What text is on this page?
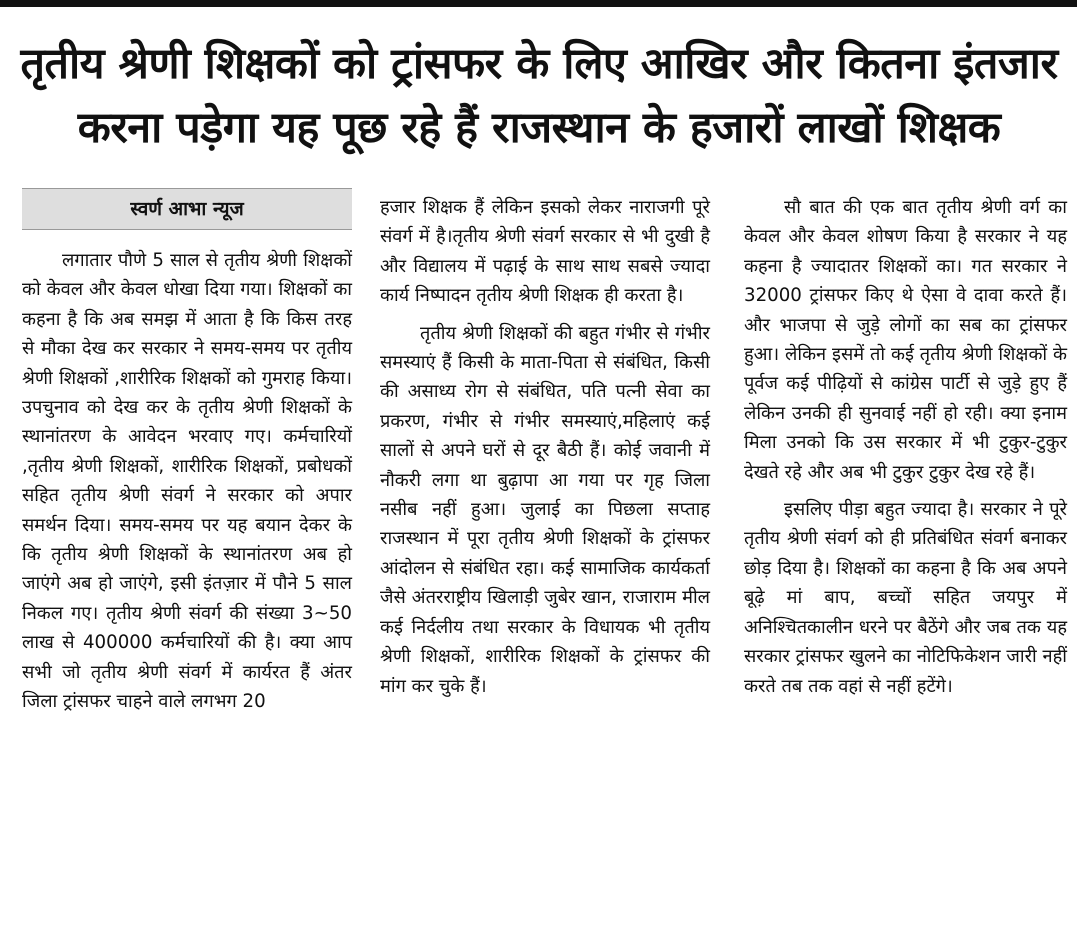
तृतीय श्रेणी शिक्षकों को ट्रांसफर के लिए आखिर और कितना इंतजार
करना पड़ेगा यह पूछ रहे हैं राजस्थान के हजारों लाखों शिक्षक
स्वर्ण आभा न्यूज

लगातार पौणे 5 साल से तृतीय श्रेणी शिक्षकों को केवल और केवल धोखा दिया गया। शिक्षकों का कहना है कि अब समझ में आता है कि किस तरह से मौका देख कर सरकार ने समय-समय पर तृतीय श्रेणी शिक्षकों ,शारीरिक शिक्षकों को गुमराह किया। उपचुनाव को देख कर के तृतीय श्रेणी शिक्षकों के स्थानांतरण के आवेदन भरवाए गए। कर्मचारियों ,तृतीय श्रेणी शिक्षकों, शारीरिक शिक्षकों, प्रबोधकों सहित तृतीय श्रेणी संवर्ग ने सरकार को अपार समर्थन दिया। समय-समय पर यह बयान देकर के कि तृतीय श्रेणी शिक्षकों के स्थानांतरण अब हो जाएंगे अब हो जाएंगे, इसी इंतज़ार में पौने 5 साल निकल गए। तृतीय श्रेणी संवर्ग की संख्या 3~50 लाख से 400000 कर्मचारियों की है। क्या आप सभी जो तृतीय श्रेणी संवर्ग में कार्यरत हैं अंतर जिला ट्रांसफर चाहने वाले लगभग 20

हजार शिक्षक हैं लेकिन इसको लेकर नाराजगी पूरे संवर्ग में है।तृतीय श्रेणी संवर्ग सरकार से भी दुखी है और विद्यालय में पढ़ाई के साथ साथ सबसे ज्यादा कार्य निष्पादन तृतीय श्रेणी शिक्षक ही करता है।

तृतीय श्रेणी शिक्षकों की बहुत गंभीर से गंभीर समस्याएं हैं किसी के माता-पिता से संबंधित, किसी की असाध्य रोग से संबंधित, पति पत्नी सेवा का प्रकरण, गंभीर से गंभीर समस्याएं,महिलाएं कई सालों से अपने घरों से दूर बैठी हैं। कोई जवानी में नौकरी लगा था बुढ़ापा आ गया पर गृह जिला नसीब नहीं हुआ। जुलाई का पिछला सप्ताह राजस्थान में पूरा तृतीय श्रेणी शिक्षकों के ट्रांसफर आंदोलन से संबंधित रहा। कई सामाजिक कार्यकर्ता जैसे अंतरराष्ट्रीय खिलाड़ी जुबेर खान, राजाराम मील कई निर्दलीय तथा सरकार के विधायक भी तृतीय श्रेणी शिक्षकों, शारीरिक शिक्षकों के ट्रांसफर की मांग कर चुके हैं।

सौ बात की एक बात तृतीय श्रेणी वर्ग का केवल और केवल शोषण किया है सरकार ने यह कहना है ज्यादातर शिक्षकों का। गत सरकार ने 32000 ट्रांसफर किए थे ऐसा वे दावा करते हैं। और भाजपा से जुड़े लोगों का सब का ट्रांसफर हुआ। लेकिन इसमें तो कई तृतीय श्रेणी शिक्षकों के पूर्वज कई पीढ़ियों से कांग्रेस पार्टी से जुड़े हुए हैं लेकिन उनकी ही सुनवाई नहीं हो रही। क्या इनाम मिला उनको कि उस सरकार में भी टुकुर-टुकुर देखते रहे और अब भी टुकुर टुकुर देख रहे हैं।

इसलिए पीड़ा बहुत ज्यादा है। सरकार ने पूरे तृतीय श्रेणी संवर्ग को ही प्रतिबंधित संवर्ग बनाकर छोड़ दिया है। शिक्षकों का कहना है कि अब अपने बूढ़े मां बाप, बच्चों सहित जयपुर में अनिश्चितकालीन धरने पर बैठेंगे और जब तक यह सरकार ट्रांसफर खुलने का नोटिफिकेशन जारी नहीं करते तब तक वहां से नहीं हटेंगे।
